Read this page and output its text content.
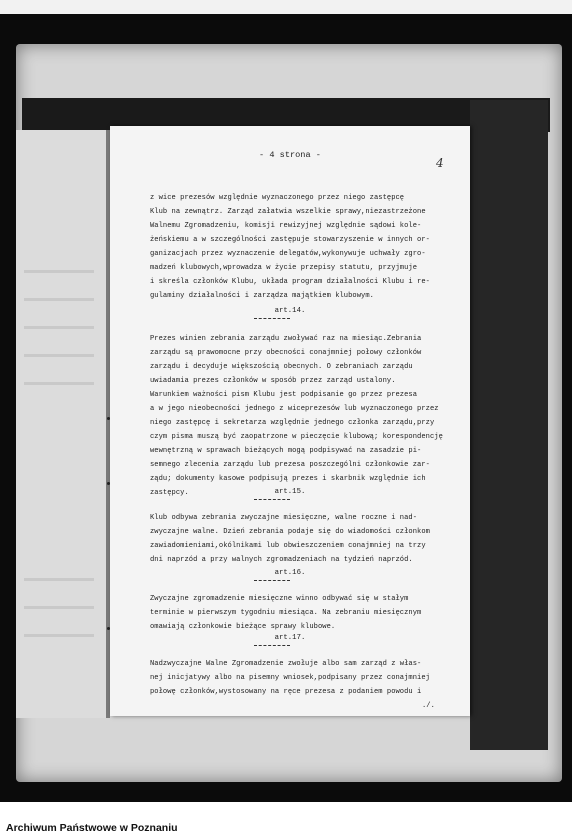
- 4 strona -
4
z wice prezesów względnie wyznaczonego przez niego zastępcę
Klub na zewnątrz. Zarząd załatwia wszelkie sprawy,niezastrzeżone
Walnemu Zgromadzeniu, komisji rewizyjnej względnie sądowi kole-
żeńskiemu a w szczególności zastępuje stowarzyszenie w innych or-
ganizacjach przez wyznaczenie delegatów,wykonywuje uchwały zgro-
madzeń klubowych,wprowadza w życie przepisy statutu, przyjmuje
i skreśla członków Klubu, układa program działalności Klubu i re-
gulaminy działalności i zarządza majątkiem klubowym.
art.14.
Prezes winien zebrania zarządu zwoływać raz na miesiąc.Zebrania
zarządu są prawomocne przy obecności conajmniej połowy członków
zarządu i decyduje większością obecnych. O zebraniach zarządu
uwiadamia prezes członków w sposób przez zarząd ustalony.
Warunkiem ważności pism Klubu jest podpisanie go przez prezesa
a w jego nieobecności jednego z wiceprezesów lub wyznaczonego przez
niego zastępcę i sekretarza względnie jednego członka zarządu,przy
czym pisma muszą być zaopatrzone w pieczęcie klubową; korespondencję
wewnętrzną w sprawach bieżących mogą podpisywać na zasadzie pi-
semnego zlecenia zarządu lub prezesa poszczególni członkowie zar-
ządu; dokumenty kasowe podpisują prezes i skarbnik względnie ich
zastępcy.	art.15.
Klub odbywa zebrania zwyczajne miesięczne, walne roczne i nad-
zwyczajne walne. Dzień zebrania podaje się do wiadomości członkom
zawiadomieniami,okólnikami lub obwieszczeniem conajmniej na trzy
dni naprzód a przy walnych zgromadzeniach na tydzień naprzód.
art.16.
Zwyczajne zgromadzenie miesięczne winno odbywać się w stałym
terminie w pierwszym tygodniu miesiąca. Na zebraniu miesięcznym
omawiają członkowie bieżące sprawy klubowe.
art.17.
Nadzwyczajne Walne Zgromadzenie zwołuje albo sam zarząd z włas-
nej inicjatywy albo na pisemny wniosek,podpisany przez conajmniej
połowę członków,wystosowany na ręce prezesa z podaniem powodu i
./.
Archiwum Państwowe w Poznaniu
